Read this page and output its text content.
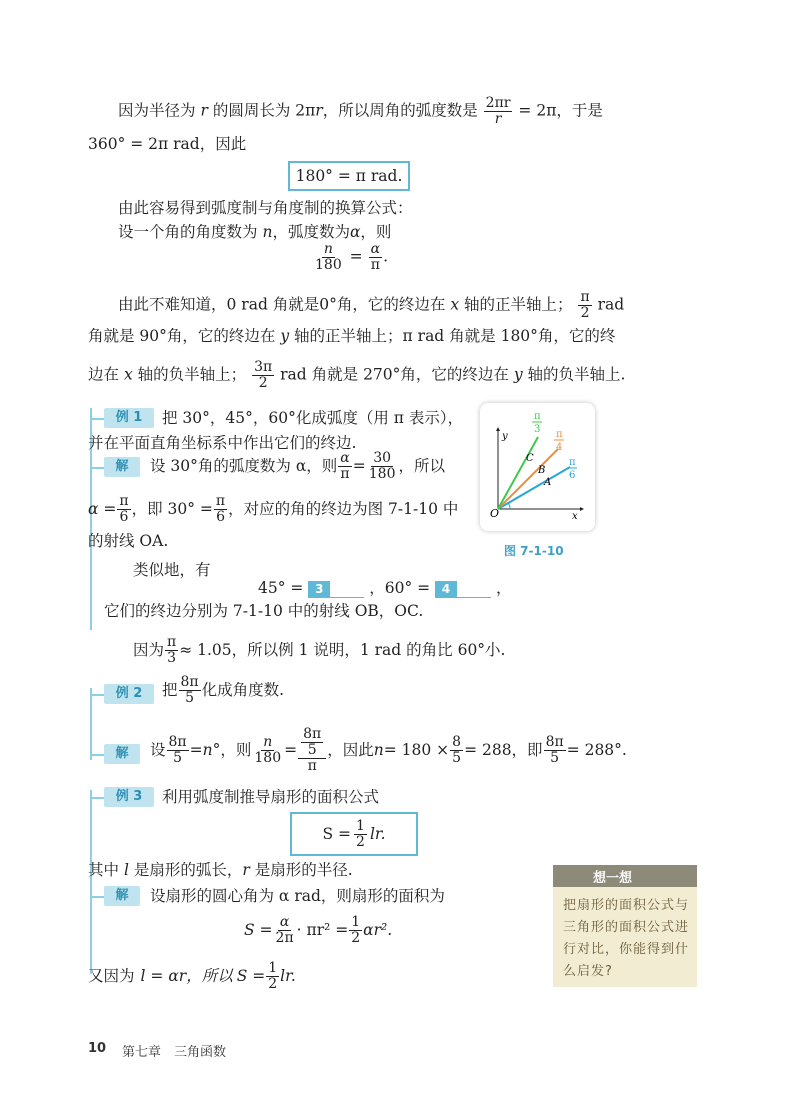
因为半径为 r 的圆周长为 2πr，所以周角的弧度数是 $\frac{2\pi r}{r} = 2\pi$，于是
360° = 2π rad，因此
180° = π rad.
由此容易得到弧度制与角度制的换算公式：
设一个角的角度数为 n，弧度数为α，则
$\frac{n}{180} = \frac{\alpha}{\pi}$ .
由此不难知道，0 rad 角就是0°角，它的终边在 x 轴的正半轴上； $\frac{\pi}{2}$ rad
角就是 90°角，它的终边在 y 轴的正半轴上；π rad 角就是 180°角，它的终
边在 x 轴的负半轴上； $\frac{3\pi}{2}$ rad 角就是 270°角，它的终边在 y 轴的负半轴上.
例 1	把 30°，45°，60°化成弧度（用 π 表示），
并在平面直角坐标系中作出它们的终边.
解	设 30°角的弧度数为 α，则 $\frac{\alpha}{\pi} = \frac{30}{180}$ ，所以
$\alpha = \frac{\pi}{6}$ ，即 $30^\circ = \frac{\pi}{6}$ ，对应的角的终边为图 7-1-10 中
的射线 OA.
类似地，有
45° = 3	，60° = 4	，
它们的终边分别为 7-1-10 中的射线 OB，OC.
因为 $\frac{\pi}{3} \approx 1.05$，所以例 1 说明，1 rad 的角比 60°小.
O	x
y
A
B
C
π
3 π
4
π
6
图 7-1-10
例 2	把 $\frac{8\pi}{5}$ 化成角度数.
解	设 $\frac{8\pi}{5} = n$ °，则 $\frac{n}{180} = \frac{\frac{8\pi}{5}}{\pi}$ ，因此 $n = 180 \times \frac{8}{5} = 288$，即 $\frac{8\pi}{5} = 288^\circ$.
例 3	利用弧度制推导扇形的面积公式
$S = \frac{1}{2}$ lr.
其中 l 是扇形的弧长，r 是扇形的半径.
解	设扇形的圆心角为 α rad，则扇形的面积为
$S = \frac{\alpha}{2\pi} \cdot \pi r^2 = \frac{1}{2} \alpha r^2$.
又因为 l = αr，所以 $S = \frac{1}{2}$ lr.
想一想
把扇形的面积公式与三角形的面积公式进行对比，你能得到什么启发?
10 第七章 三角函数
